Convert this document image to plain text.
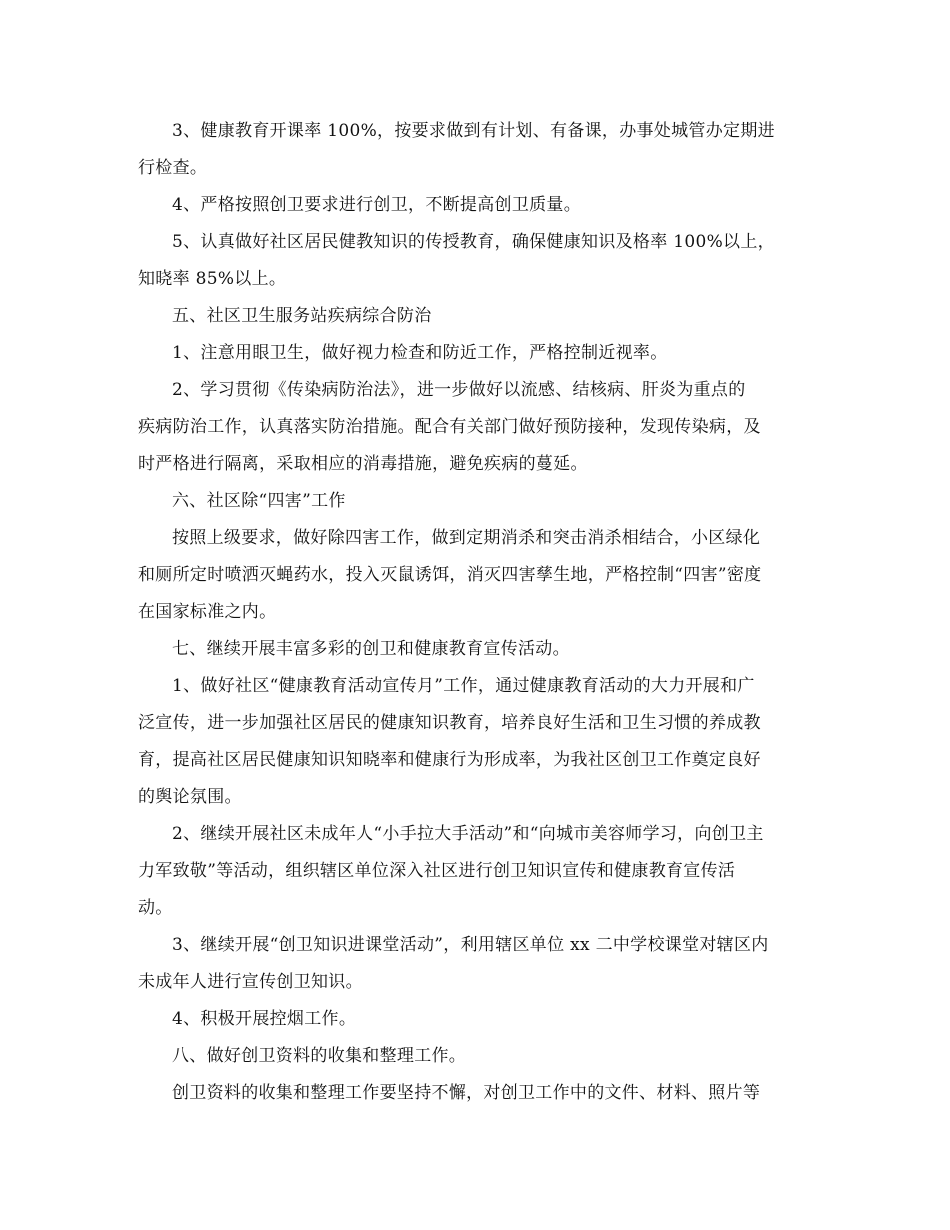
3、健康教育开课率 100%，按要求做到有计划、有备课，办事处城管办定期进
行检查。
4、严格按照创卫要求进行创卫，不断提高创卫质量。
5、认真做好社区居民健教知识的传授教育，确保健康知识及格率 100%以上，
知晓率 85%以上。
五、社区卫生服务站疾病综合防治
1、注意用眼卫生，做好视力检查和防近工作，严格控制近视率。
2、学习贯彻《传染病防治法》，进一步做好以流感、结核病、肝炎为重点的
疾病防治工作，认真落实防治措施。配合有关部门做好预防接种，发现传染病，及
时严格进行隔离，采取相应的消毒措施，避免疾病的蔓延。
六、社区除“四害”工作
按照上级要求，做好除四害工作，做到定期消杀和突击消杀相结合，小区绿化
和厕所定时喷洒灭蝇药水，投入灭鼠诱饵，消灭四害孳生地，严格控制“四害”密度
在国家标准之内。
七、继续开展丰富多彩的创卫和健康教育宣传活动。
1、做好社区“健康教育活动宣传月”工作，通过健康教育活动的大力开展和广
泛宣传，进一步加强社区居民的健康知识教育，培养良好生活和卫生习惯的养成教
育，提高社区居民健康知识知晓率和健康行为形成率，为我社区创卫工作奠定良好
的舆论氛围。
2、继续开展社区未成年人“小手拉大手活动”和“向城市美容师学习，向创卫主
力军致敬”等活动，组织辖区单位深入社区进行创卫知识宣传和健康教育宣传活
动。
3、继续开展“创卫知识进课堂活动”，利用辖区单位 xx 二中学校课堂对辖区内
未成年人进行宣传创卫知识。
4、积极开展控烟工作。
八、做好创卫资料的收集和整理工作。
创卫资料的收集和整理工作要坚持不懈，对创卫工作中的文件、材料、照片等
